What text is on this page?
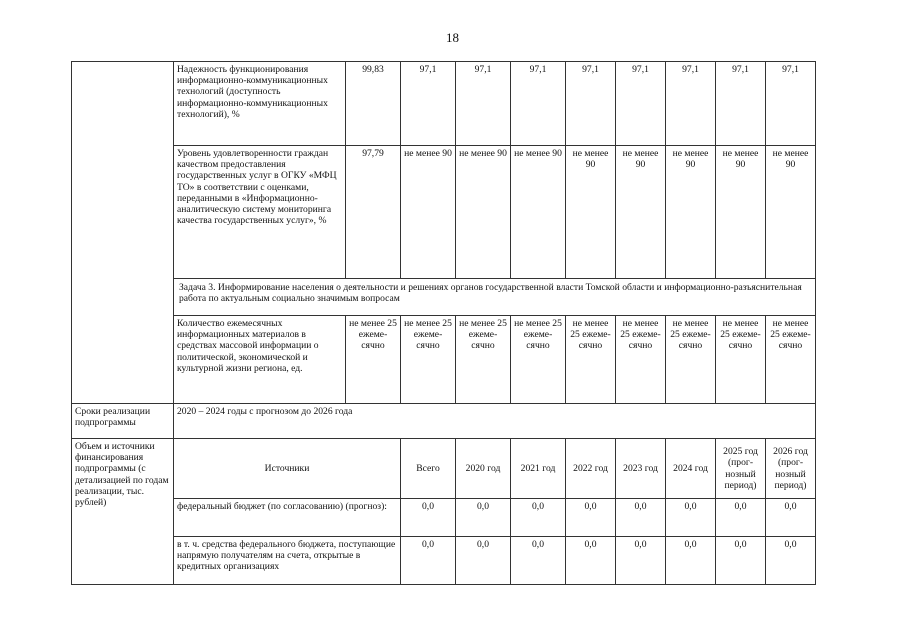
18
	Надежность функционирования информационно-коммуникационных технологий (доступность информационно-коммуникационных технологий), %	99,83	97,1	97,1	97,1	97,1	97,1	97,1	97,1	97,1
	Уровень удовлетворенности граждан качеством предоставления государственных услуг в ОГКУ «МФЦ ТО» в соответствии с оценками, переданными в «Информационно-аналитическую систему мониторинга качества государственных услуг», %	97,79	не менее 90	не менее 90	не менее 90	не менее 90	не менее 90	не менее 90	не менее 90	не менее 90
	Задача 3. Информирование населения о деятельности и решениях органов государственной власти Томской области и информационно-разъяснительная работа по актуальным социально значимым вопросам									
	Количество ежемесячных информационных материалов в средствах массовой информации о политической, экономической и культурной жизни региона, ед.	не менее 25 ежеме-сячно	не менее 25 ежеме-сячно	не менее 25 ежеме-сячно	не менее 25 ежеме-сячно	не менее 25 ежеме-сячно	не менее 25 ежеме-сячно	не менее 25 ежеме-сячно	не менее 25 ежеме-сячно	не менее 25 ежеме-сячно
Сроки реализации подпрограммы	2020 – 2024 годы с прогнозом до 2026 года									
Объем и источники финансирования подпрограммы (с детализацией по годам реализации, тыс. рублей)	Источники		Всего	2020 год	2021 год	2022 год	2023 год	2024 год	2025 год (прог-нозный период)	2026 год (прог-нозный период)
	федеральный бюджет (по согласованию) (прогноз):		0,0	0,0	0,0	0,0	0,0	0,0	0,0	0,0
	в т. ч. средства федерального бюджета, поступающие напрямую получателям на счета, открытые в кредитных организациях		0,0	0,0	0,0	0,0	0,0	0,0	0,0	0,0
